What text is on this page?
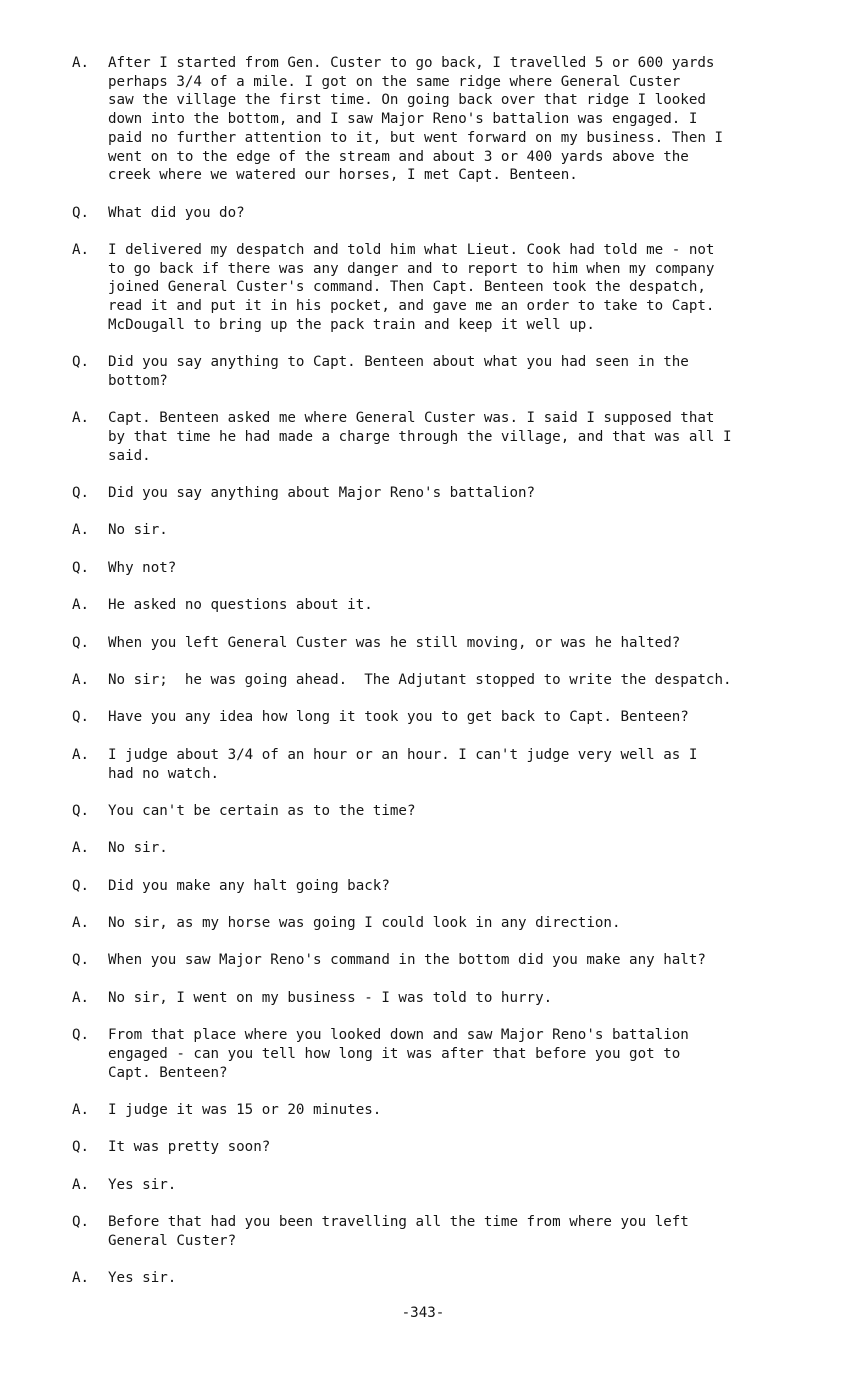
A.	After I started from Gen. Custer to go back, I travelled 5 or 600 yards
perhaps 3/4 of a mile. I got on the same ridge where General Custer
saw the village the first time. On going back over that ridge I looked
down into the bottom, and I saw Major Reno's battalion was engaged. I
paid no further attention to it, but went forward on my business. Then I
went on to the edge of the stream and about 3 or 400 yards above the
creek where we watered our horses, I met Capt. Benteen.
Q.	What did you do?
A.	I delivered my despatch and told him what Lieut. Cook had told me - not
to go back if there was any danger and to report to him when my company
joined General Custer's command. Then Capt. Benteen took the despatch,
read it and put it in his pocket, and gave me an order to take to Capt.
McDougall to bring up the pack train and keep it well up.
Q.	Did you say anything to Capt. Benteen about what you had seen in the
bottom?
A.	Capt. Benteen asked me where General Custer was. I said I supposed that
by that time he had made a charge through the village, and that was all I
said.
Q.	Did you say anything about Major Reno's battalion?
A.	No sir.
Q.	Why not?
A.	He asked no questions about it.
Q.	When you left General Custer was he still moving, or was he halted?
A.	No sir;  he was going ahead.  The Adjutant stopped to write the despatch.
Q.	Have you any idea how long it took you to get back to Capt. Benteen?
A.	I judge about 3/4 of an hour or an hour. I can't judge very well as I
had no watch.
Q.	You can't be certain as to the time?
A.	No sir.
Q.	Did you make any halt going back?
A.	No sir, as my horse was going I could look in any direction.
Q.	When you saw Major Reno's command in the bottom did you make any halt?
A.	No sir, I went on my business - I was told to hurry.
Q.	From that place where you looked down and saw Major Reno's battalion
engaged - can you tell how long it was after that before you got to
Capt. Benteen?
A.	I judge it was 15 or 20 minutes.
Q.	It was pretty soon?
A.	Yes sir.
Q.	Before that had you been travelling all the time from where you left
General Custer?
A.	Yes sir.
-343-
